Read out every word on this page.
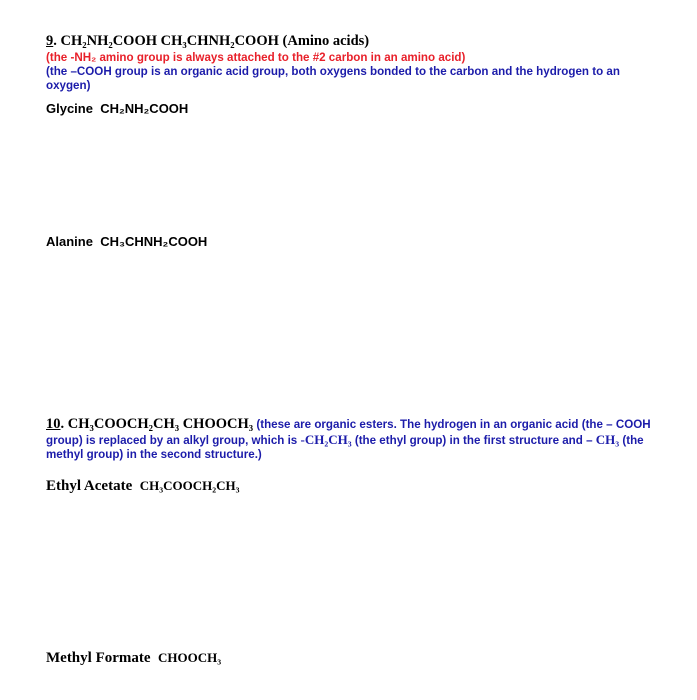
9. CH₂NH₂COOH CH₃CHNH₂COOH (Amino acids)
(the -NH₂ amino group is always attached to the #2 carbon in an amino acid)
(the –COOH group is an organic acid group, both oxygens bonded to the carbon and the hydrogen to an oxygen)
Glycine CH₂NH₂COOH
Alanine CH₃CHNH₂COOH
10. CH₃COOCH₂CH₃ CHOOCH₃ (these are organic esters. The hydrogen in an organic acid (the – COOH group) is replaced by an alkyl group, which is -CH₂CH₃ (the ethyl group) in the first structure and – CH₃ (the methyl group) in the second structure.)
Ethyl Acetate CH₃COOCH₂CH₃
Methyl Formate CHOOCH₃
